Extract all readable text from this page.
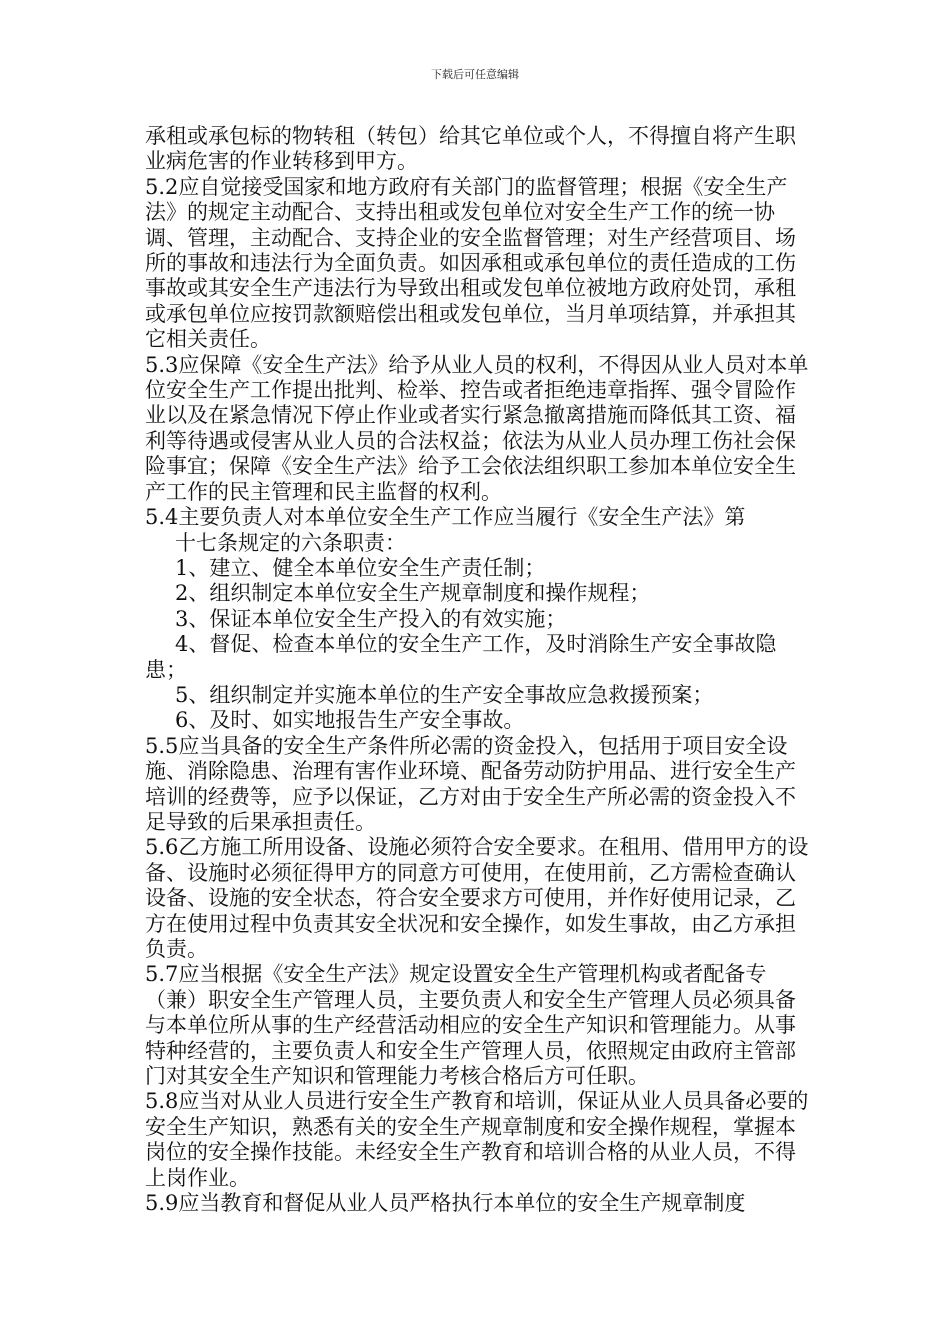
下载后可任意编辑

承租或承包标的物转租（转包）给其它单位或个人，不得擅自将产生职业病危害的作业转移到甲方。

5.2应自觉接受国家和地方政府有关部门的监督管理；根据《安全生产法》的规定主动配合、支持出租或发包单位对安全生产工作的统一协调、管理，主动配合、支持企业的安全监督管理；对生产经营项目、场所的事故和违法行为全面负责。如因承租或承包单位的责任造成的工伤事故或其安全生产违法行为导致出租或发包单位被地方政府处罚，承租或承包单位应按罚款额赔偿出租或发包单位，当月单项结算，并承担其它相关责任。

5.3应保障《安全生产法》给予从业人员的权利，不得因从业人员对本单位安全生产工作提出批判、检举、控告或者拒绝违章指挥、强令冒险作业以及在紧急情况下停止作业或者实行紧急撤离措施而降低其工资、福利等待遇或侵害从业人员的合法权益；依法为从业人员办理工伤社会保险事宜；保障《安全生产法》给予工会依法组织职工参加本单位安全生产工作的民主管理和民主监督的权利。

5.4主要负责人对本单位安全生产工作应当履行《安全生产法》第

十七条规定的六条职责：

1、建立、健全本单位安全生产责任制；

2、组织制定本单位安全生产规章制度和操作规程；

3、保证本单位安全生产投入的有效实施；

4、督促、检查本单位的安全生产工作，及时消除生产安全事故隐患；

5、组织制定并实施本单位的生产安全事故应急救援预案；

6、及时、如实地报告生产安全事故。

5.5应当具备的安全生产条件所必需的资金投入，包括用于项目安全设施、消除隐患、治理有害作业环境、配备劳动防护用品、进行安全生产培训的经费等，应予以保证，乙方对由于安全生产所必需的资金投入不足导致的后果承担责任。

5.6乙方施工所用设备、设施必须符合安全要求。在租用、借用甲方的设备、设施时必须征得甲方的同意方可使用，在使用前，乙方需检查确认设备、设施的安全状态，符合安全要求方可使用，并作好使用记录，乙方在使用过程中负责其安全状况和安全操作，如发生事故，由乙方承担负责。

5.7应当根据《安全生产法》规定设置安全生产管理机构或者配备专（兼）职安全生产管理人员，主要负责人和安全生产管理人员必须具备与本单位所从事的生产经营活动相应的安全生产知识和管理能力。从事特种经营的，主要负责人和安全生产管理人员，依照规定由政府主管部门对其安全生产知识和管理能力考核合格后方可任职。

5.8应当对从业人员进行安全生产教育和培训，保证从业人员具备必要的安全生产知识，熟悉有关的安全生产规章制度和安全操作规程，掌握本岗位的安全操作技能。未经安全生产教育和培训合格的从业人员，不得上岗作业。

5.9应当教育和督促从业人员严格执行本单位的安全生产规章制度
